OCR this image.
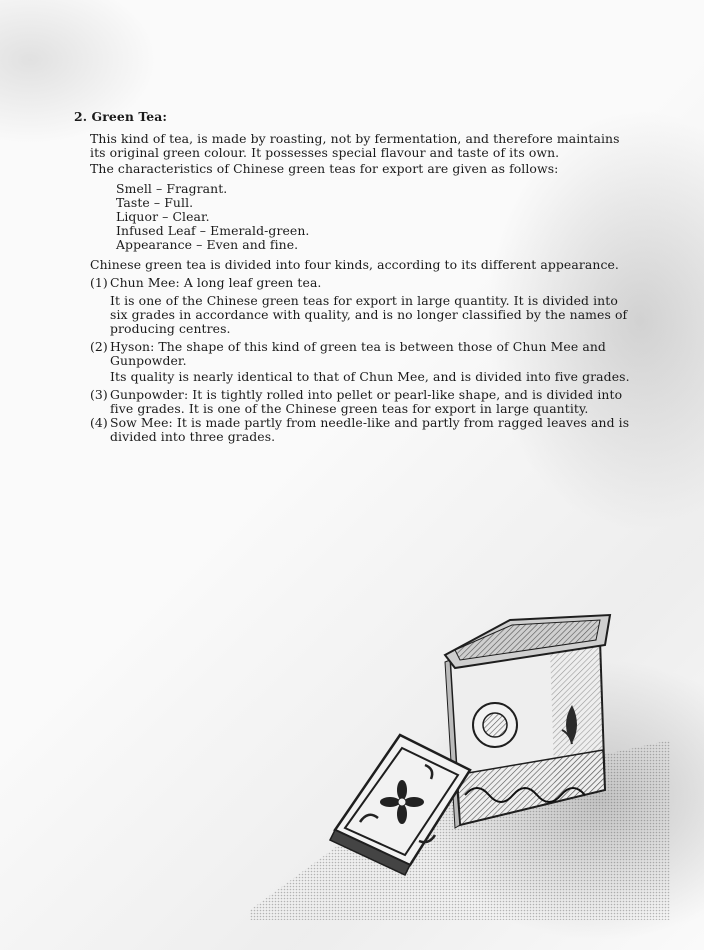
2. Green Tea:

This kind of tea, is made by roasting, not by fermentation, and therefore maintains its original green colour. It possesses special flavour and taste of its own.

The characteristics of Chinese green teas for export are given as follows:

Smell – Fragrant.
Taste – Full.
Liquor – Clear.
Infused Leaf – Emerald-green.
Appearance – Even and fine.

Chinese green tea is divided into four kinds, according to its different appearance.

(1) Chun Mee: A long leaf green tea.

It is one of the Chinese green teas for export in large quantity. It is divided into six grades in accordance with quality, and is no longer classified by the names of producing centres.

(2) Hyson: The shape of this kind of green tea is between those of Chun Mee and Gunpowder.

Its quality is nearly identical to that of Chun Mee, and is divided into five grades.

(3) Gunpowder: It is tightly rolled into pellet or pearl-like shape, and is divided into five grades. It is one of the Chinese green teas for export in large quantity.
(4) Sow Mee: It is made partly from needle-like and partly from ragged leaves and is divided into three grades.
